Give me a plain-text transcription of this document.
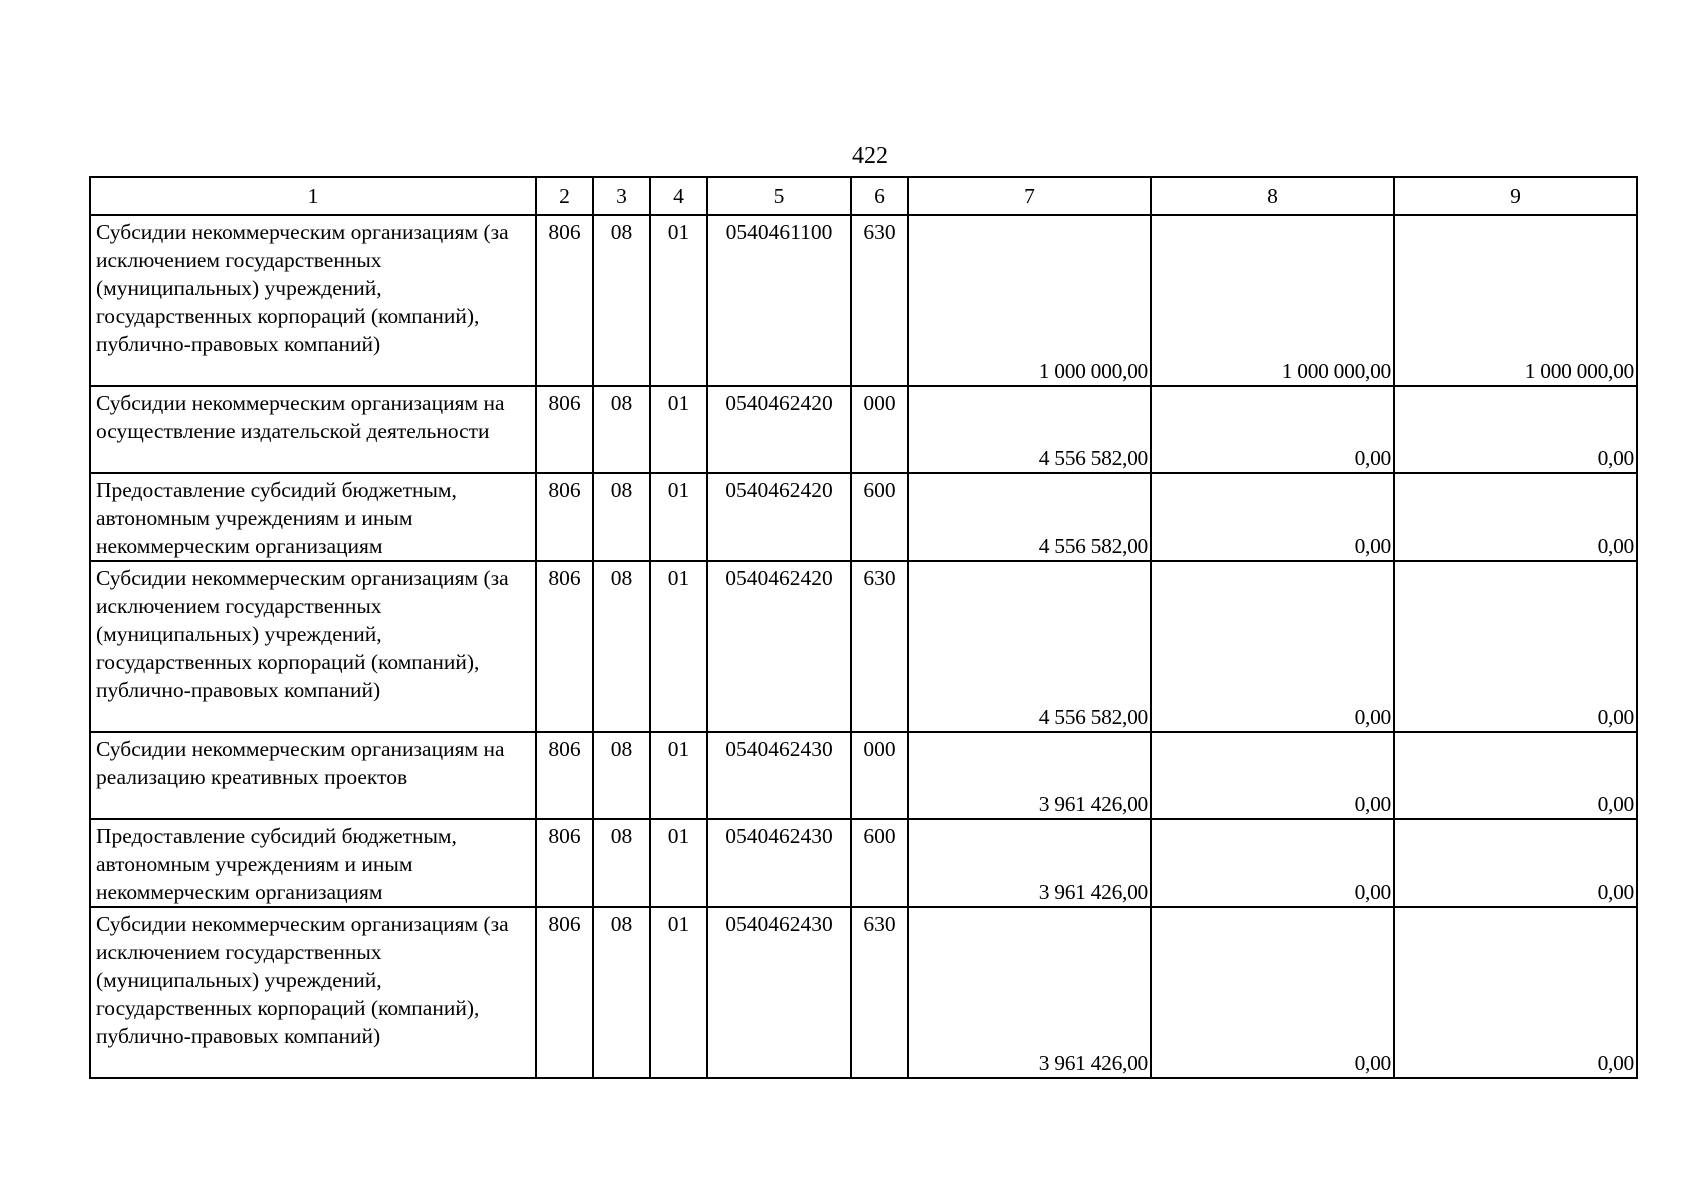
422
1	2	3	4	5	6	7	8	9
Субсидии некоммерческим организациям (за исключением государственных (муниципальных) учреждений, государственных корпораций (компаний), публично-правовых компаний)	806	08	01	0540461100	630	1 000 000,00	1 000 000,00	1 000 000,00
Субсидии некоммерческим организациям на осуществление издательской деятельности	806	08	01	0540462420	000	4 556 582,00	0,00	0,00
Предоставление субсидий бюджетным, автономным учреждениям и иным некоммерческим организациям	806	08	01	0540462420	600	4 556 582,00	0,00	0,00
Субсидии некоммерческим организациям (за исключением государственных (муниципальных) учреждений, государственных корпораций (компаний), публично-правовых компаний)	806	08	01	0540462420	630	4 556 582,00	0,00	0,00
Субсидии некоммерческим организациям на реализацию креативных проектов	806	08	01	0540462430	000	3 961 426,00	0,00	0,00
Предоставление субсидий бюджетным, автономным учреждениям и иным некоммерческим организациям	806	08	01	0540462430	600	3 961 426,00	0,00	0,00
Субсидии некоммерческим организациям (за исключением государственных (муниципальных) учреждений, государственных корпораций (компаний), публично-правовых компаний)	806	08	01	0540462430	630	3 961 426,00	0,00	0,00
